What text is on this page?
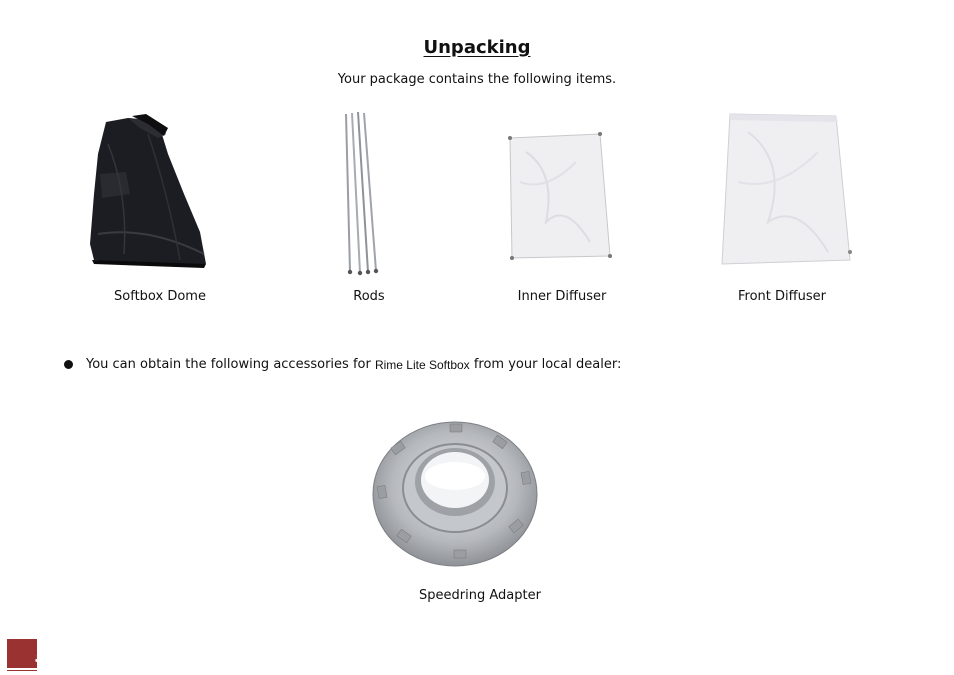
Unpacking

Your package contains the following items.

Softbox Dome	Rods	Inner Diffuser	Front Diffuser
You can obtain the following accessories for
Rime Lite Softbox
from your local dealer:
Speedring Adapter
5
